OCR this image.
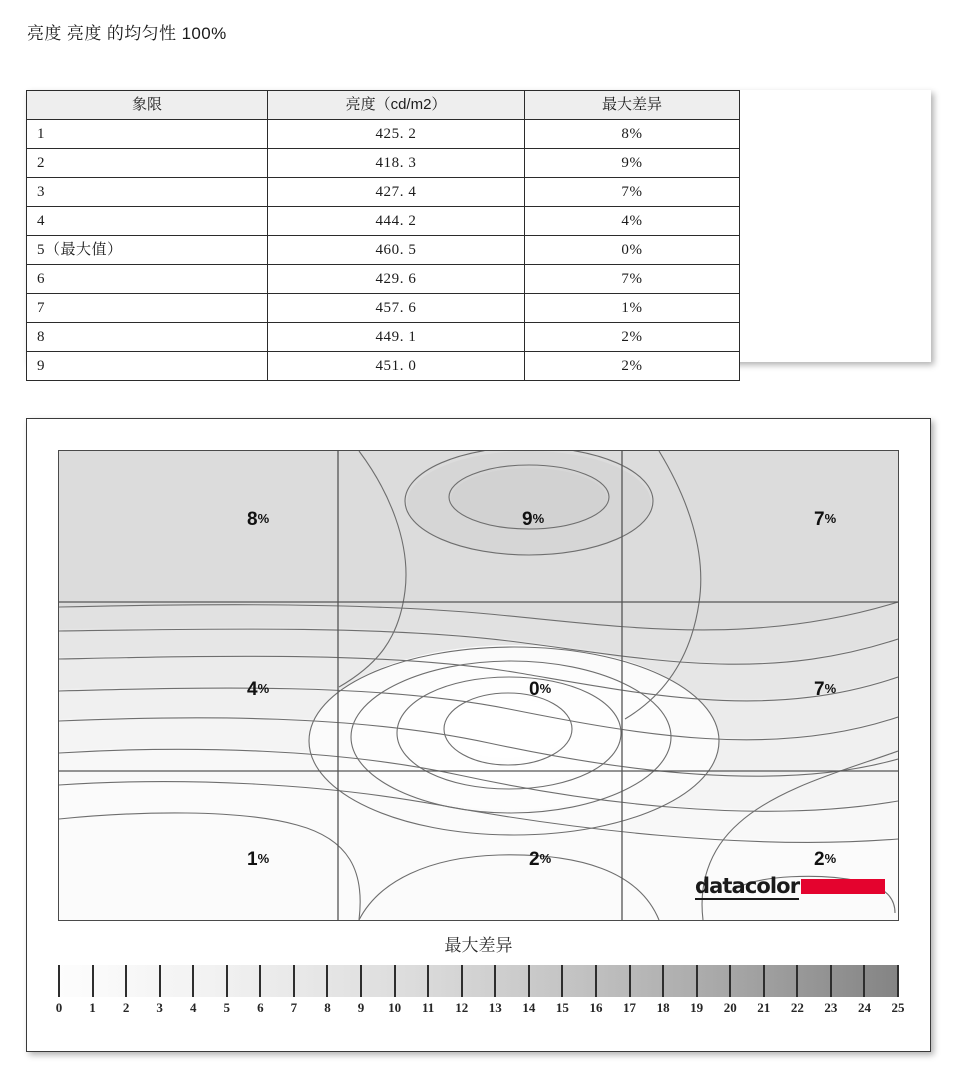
亮度 亮度 的均匀性 100%
象限	亮度（cd/m2）	最大差异
1	425. 2	8%
2	418. 3	9%
3	427. 4	7%
4	444. 2	4%
5（最大值）	460. 5	0%
6	429. 6	7%
7	457. 6	1%
8	449. 1	2%
9	451. 0	2%
8%	9%	7%
4%	0%	7%
1%	2%	2%
datacolor
最大差异
0 1 2 3 4 5 6 7 8 9 10 11 12 13 14 15 16 17 18 19 20 21 22 23 24 25
